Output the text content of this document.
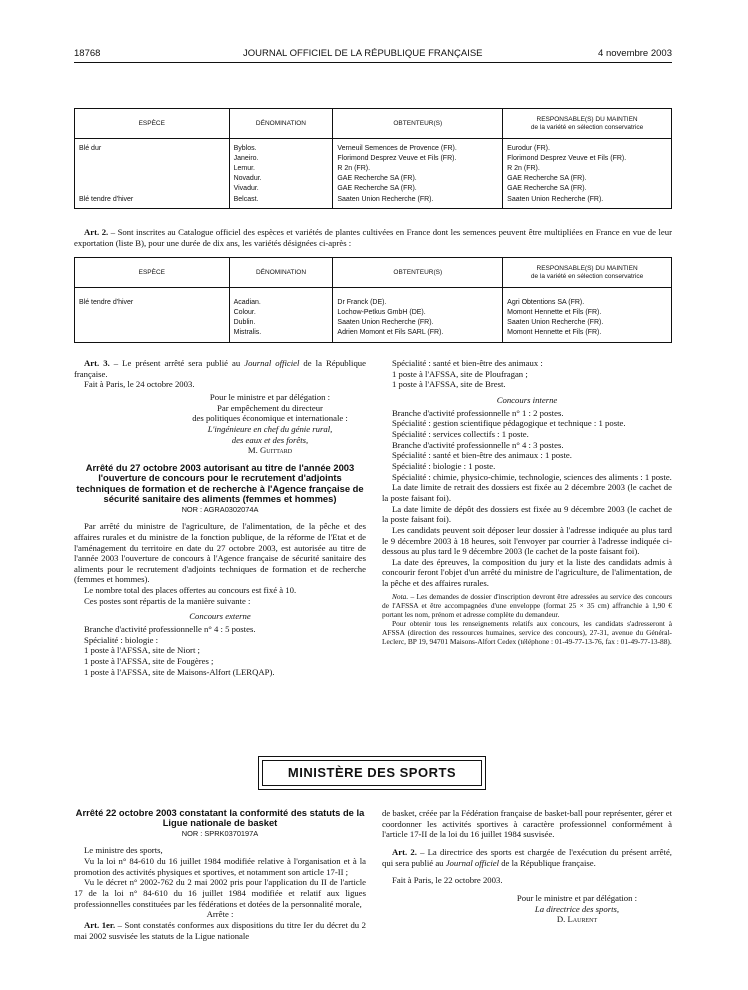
18768	JOURNAL OFFICIEL DE LA RÉPUBLIQUE FRANÇAISE	4 novembre 2003
ESPÈCE	DÉNOMINATION	OBTENTEUR(S)	RESPONSABLE(S) DU MAINTIEN
de la variété en sélection conservatrice

Blé dur	Byblos.	Verneuil Semences de Provence (FR).	Eurodur (FR).
	Janeiro.	Florimond Desprez Veuve et Fils (FR).	Florimond Desprez Veuve et Fils (FR).
	Lemur.	R 2n (FR).	R 2n (FR).
	Novadur.	GAE Recherche SA (FR).	GAE Recherche SA (FR).
	Vivadur.	GAE Recherche SA (FR).	GAE Recherche SA (FR).
Blé tendre d'hiver	Belcast.	Saaten Union Recherche (FR).	Saaten Union Recherche (FR).

Art. 2. – Sont inscrites au Catalogue officiel des espèces et variétés de plantes cultivées en France dont les semences peuvent être multipliées en France en vue de leur exportation (liste B), pour une durée de dix ans, les variétés désignées ci-après :

ESPÈCE	DÉNOMINATION	OBTENTEUR(S)	RESPONSABLE(S) DU MAINTIEN
de la variété en sélection conservatrice

Blé tendre d'hiver	Acadian.	Dr Franck (DE).	Agri Obtentions SA (FR).
	Colour.	Lochow-Petkus GmbH (DE).	Momont Hennette et Fils (FR).
	Dublin.	Saaten Union Recherche (FR).	Saaten Union Recherche (FR).
	Mistralis.	Adrien Momont et Fils SARL (FR).	Momont Hennette et Fils (FR).

Art. 3. – Le présent arrêté sera publié au Journal officiel de la République française.

Fait à Paris, le 24 octobre 2003.

Pour le ministre et par délégation :
Par empêchement du directeur
des politiques économique et internationale :
L'ingénieure en chef du génie rural,
des eaux et des forêts,
M. Guittard
Arrêté du 27 octobre 2003 autorisant au titre de l'année 2003 l'ouverture de concours pour le recrutement d'adjoints techniques de formation et de recherche à l'Agence française de sécurité sanitaire des aliments (femmes et hommes)
NOR : AGRA0302074A

Par arrêté du ministre de l'agriculture, de l'alimentation, de la pêche et des affaires rurales et du ministre de la fonction publique, de la réforme de l'Etat et de l'aménagement du territoire en date du 27 octobre 2003, est autorisée au titre de l'année 2003 l'ouverture de concours à l'Agence française de sécurité sanitaire des aliments pour le recrutement d'adjoints techniques de formation et de recherche (femmes et hommes).

Le nombre total des places offertes au concours est fixé à 10.

Ces postes sont répartis de la manière suivante :

Concours externe

Branche d'activité professionnelle n° 4 : 5 postes.

Spécialité : biologie :

1 poste à l'AFSSA, site de Niort ;

1 poste à l'AFSSA, site de Fougères ;

1 poste à l'AFSSA, site de Maisons-Alfort (LERQAP).

Spécialité : santé et bien-être des animaux :

1 poste à l'AFSSA, site de Ploufragan ;

1 poste à l'AFSSA, site de Brest.

Concours interne

Branche d'activité professionnelle n° 1 : 2 postes.

Spécialité : gestion scientifique pédagogique et technique : 1 poste.

Spécialité : services collectifs : 1 poste.

Branche d'activité professionnelle n° 4 : 3 postes.

Spécialité : santé et bien-être des animaux : 1 poste.

Spécialité : biologie : 1 poste.

Spécialité : chimie, physico-chimie, technologie, sciences des aliments : 1 poste.

La date limite de retrait des dossiers est fixée au 2 décembre 2003 (le cachet de la poste faisant foi).

La date limite de dépôt des dossiers est fixée au 9 décembre 2003 (le cachet de la poste faisant foi).

Les candidats peuvent soit déposer leur dossier à l'adresse indiquée au plus tard le 9 décembre 2003 à 18 heures, soit l'envoyer par courrier à l'adresse indiquée ci-dessous au plus tard le 9 décembre 2003 (le cachet de la poste faisant foi).

La date des épreuves, la composition du jury et la liste des candidats admis à concourir feront l'objet d'un arrêté du ministre de l'agriculture, de l'alimentation, de la pêche et des affaires rurales.

Nota. – Les demandes de dossier d'inscription devront être adressées au service des concours de l'AFSSA et être accompagnées d'une enveloppe (format 25 × 35 cm) affranchie à 1,90 € portant les nom, prénom et adresse complète du demandeur.

Pour obtenir tous les renseignements relatifs aux concours, les candidats s'adresseront à AFSSA (direction des ressources humaines, service des concours), 27-31, avenue du Général-Leclerc, BP 19, 94701 Maisons-Alfort Cedex (téléphone : 01-49-77-13-76, fax : 01-49-77-13-88).

MINISTÈRE DES SPORTS
Arrêté 22 octobre 2003 constatant la conformité des statuts de la Ligue nationale de basket
NOR : SPRK0370197A

Le ministre des sports,

Vu la loi n° 84-610 du 16 juillet 1984 modifiée relative à l'organisation et à la promotion des activités physiques et sportives, et notamment son article 17-II ;

Vu le décret n° 2002-762 du 2 mai 2002 pris pour l'application du II de l'article 17 de la loi n° 84-610 du 16 juillet 1984 modifiée et relatif aux ligues professionnelles constituées par les fédérations et dotées de la personnalité morale,

Arrête :

Art. 1er. – Sont constatés conformes aux dispositions du titre Ier du décret du 2 mai 2002 susvisée les statuts de la Ligue nationale

de basket, créée par la Fédération française de basket-ball pour représenter, gérer et coordonner les activités sportives à caractère professionnel conformément à l'article 17-II de la loi du 16 juillet 1984 susvisée.

Art. 2. – La directrice des sports est chargée de l'exécution du présent arrêté, qui sera publié au Journal officiel de la République française.

Fait à Paris, le 22 octobre 2003.

Pour le ministre et par délégation :
La directrice des sports,
D. Laurent
